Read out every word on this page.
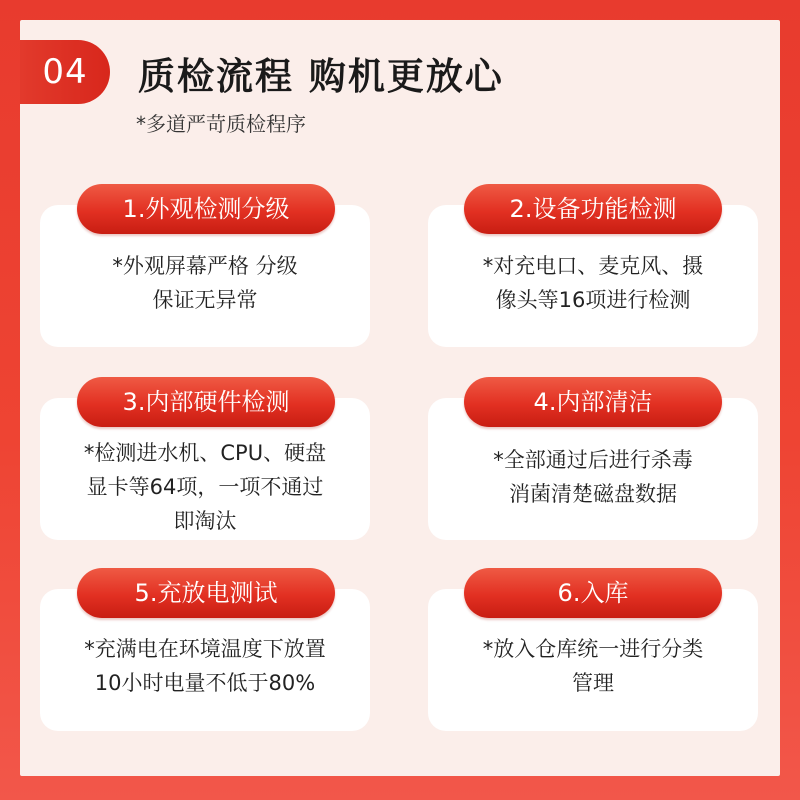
04	质检流程 购机更放心
*多道严苛质检程序
1.外观检测分级
*外观屏幕严格 分级
保证无异常
2.设备功能检测
*对充电口、麦克风、摄
像头等16项进行检测
3.内部硬件检测
*检测进水机、CPU、硬盘
显卡等64项，一项不通过
即淘汰
4.内部清洁
*全部通过后进行杀毒
消菌清楚磁盘数据
5.充放电测试
*充满电在环境温度下放置
10小时电量不低于80%
6.入库
*放入仓库统一进行分类
管理
